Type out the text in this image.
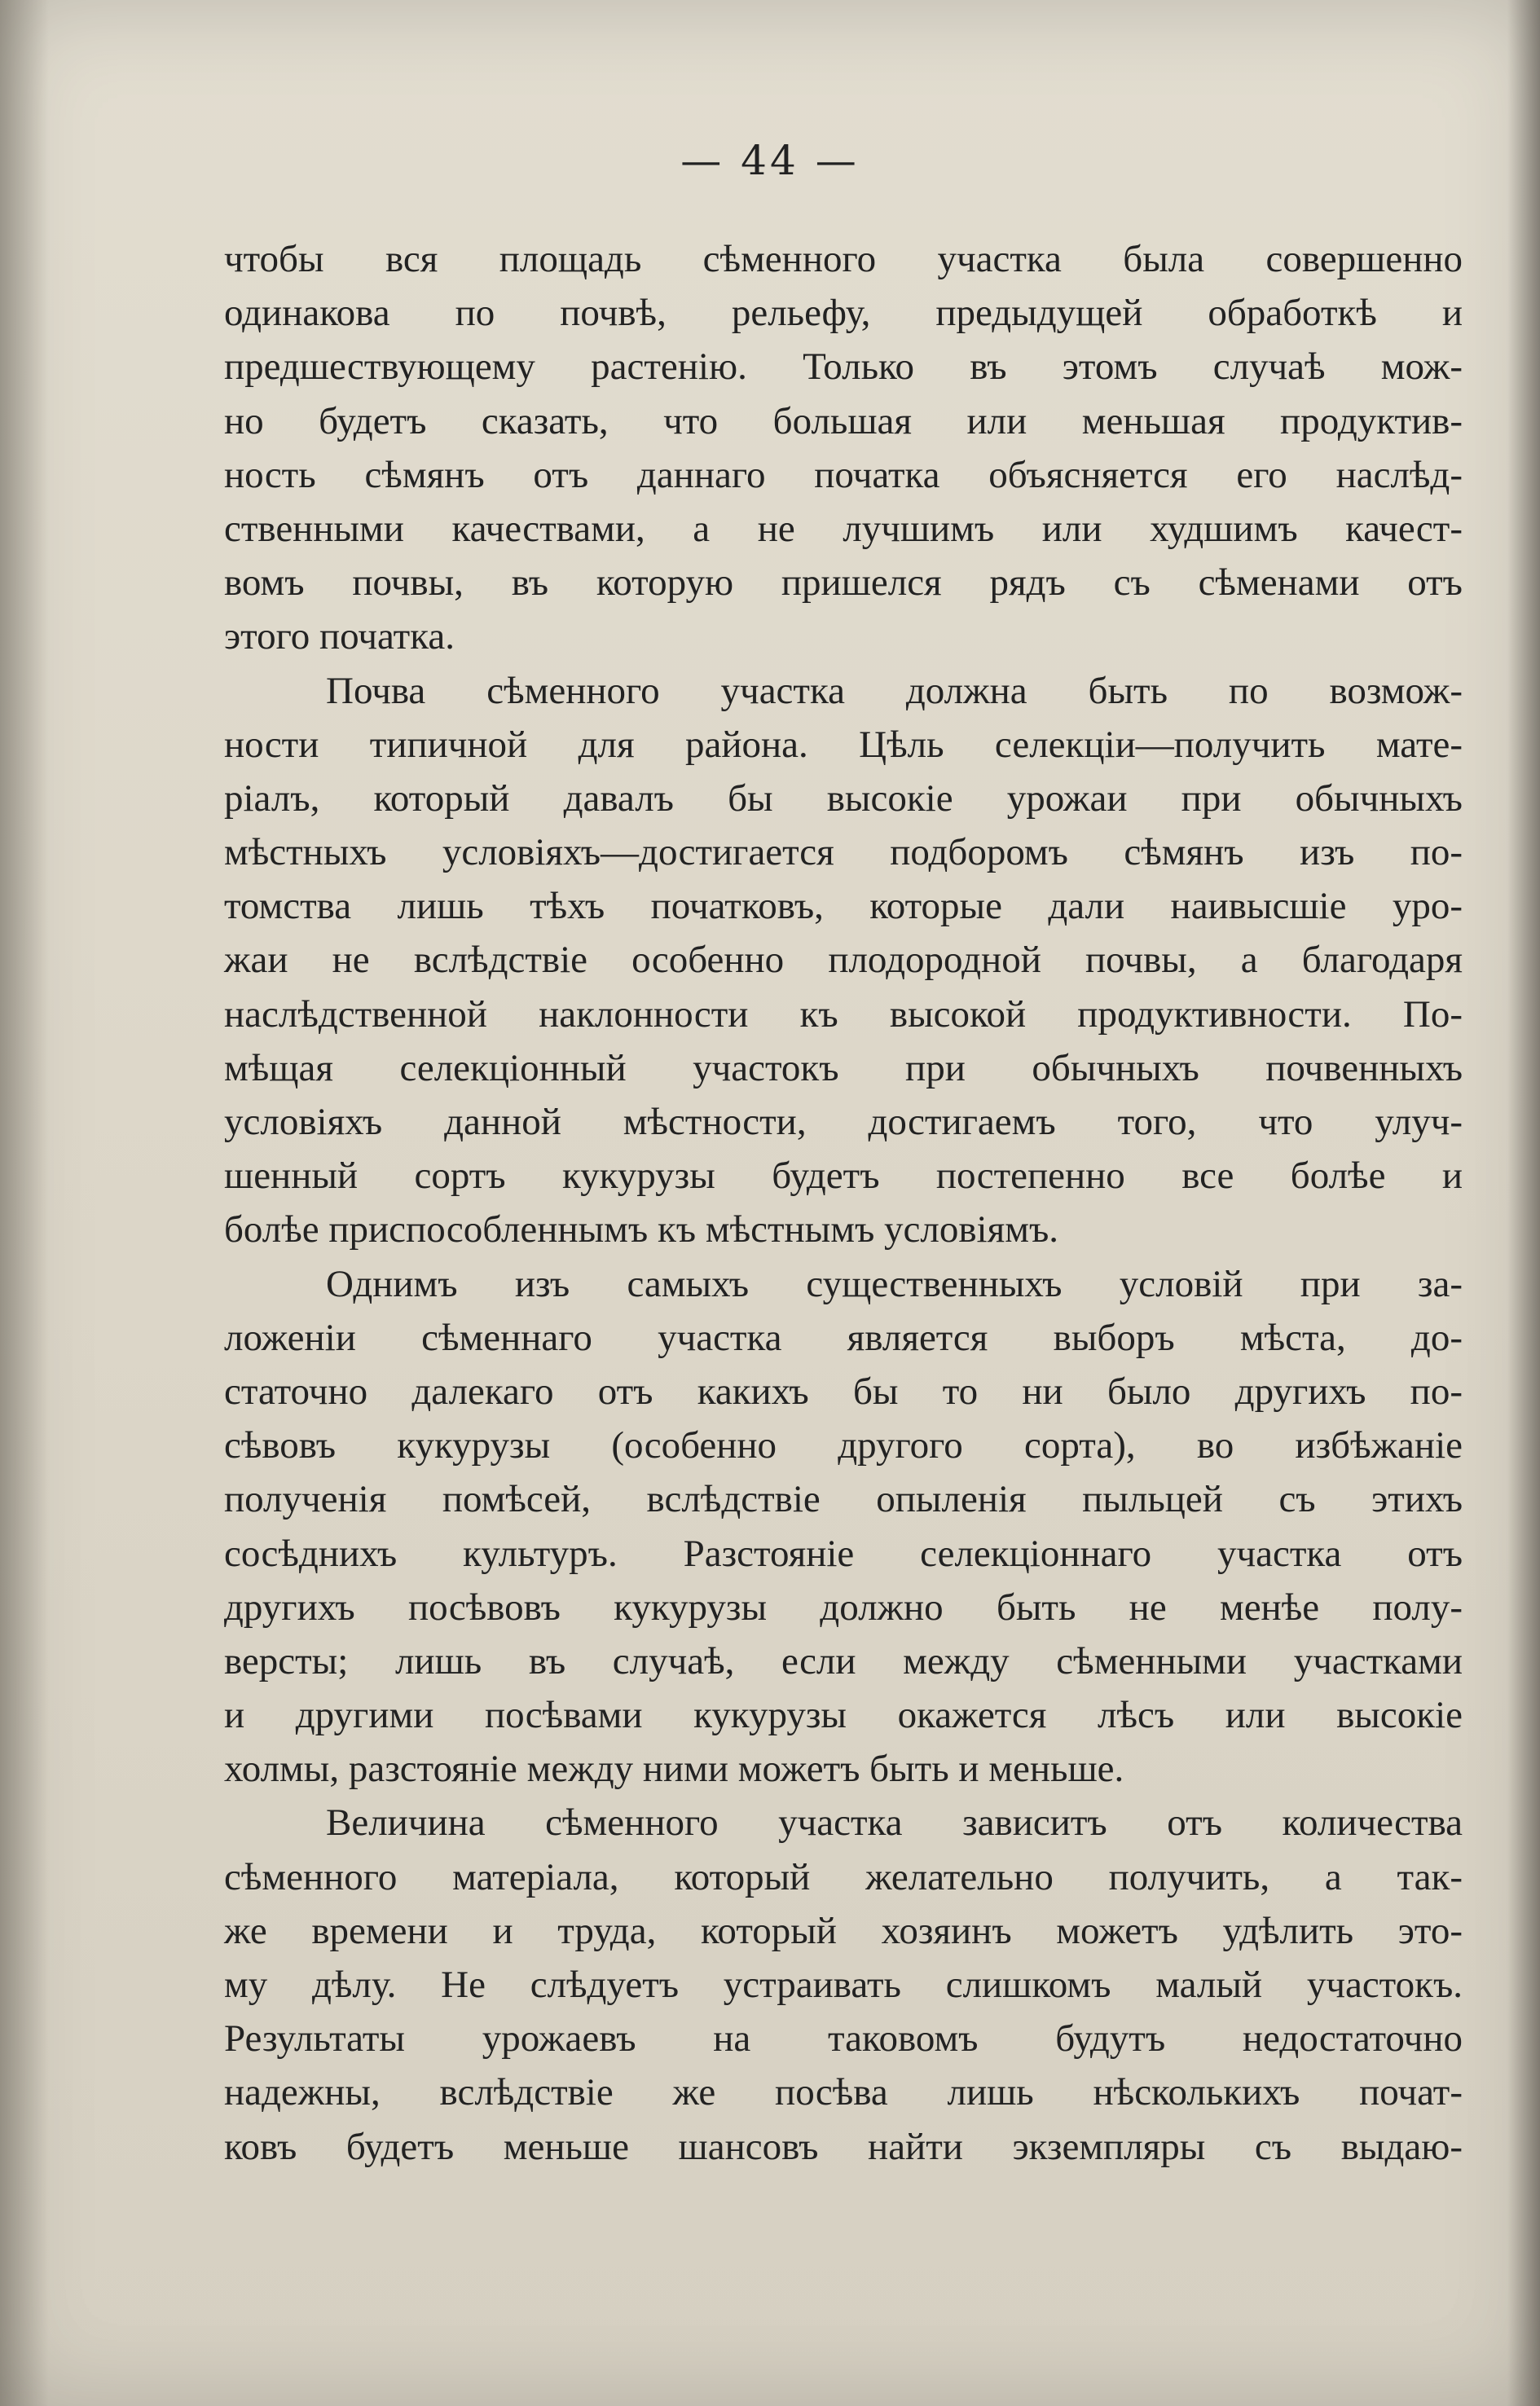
— 44 —
чтобы вся площадь сѣменного участка была совершенно
одинакова по почвѣ, рельефу, предыдущей обработкѣ и
предшествующему растенію. Только въ этомъ случаѣ мож-
но будетъ сказать, что большая или меньшая продуктив-
ность сѣмянъ отъ даннаго початка объясняется его наслѣд-
ственными качествами, а не лучшимъ или худшимъ качест-
вомъ почвы, въ которую пришелся рядъ съ сѣменами отъ
этого початка.
Почва сѣменного участка должна быть по возмож-
ности типичной для района. Цѣль селекціи—получить мате-
ріалъ, который давалъ бы высокіе урожаи при обычныхъ
мѣстныхъ условіяхъ—достигается подборомъ сѣмянъ изъ по-
томства лишь тѣхъ початковъ, которые дали наивысшіе уро-
жаи не вслѣдствіе особенно плодородной почвы, а благодаря
наслѣдственной наклонности къ высокой продуктивности. По-
мѣщая селекціонный участокъ при обычныхъ почвенныхъ
условіяхъ данной мѣстности, достигаемъ того, что улуч-
шенный сортъ кукурузы будетъ постепенно все болѣе и
болѣе приспособленнымъ къ мѣстнымъ условіямъ.
Однимъ изъ самыхъ существенныхъ условій при за-
ложеніи сѣменнаго участка является выборъ мѣста, до-
статочно далекаго отъ какихъ бы то ни было другихъ по-
сѣвовъ кукурузы (особенно другого сорта), во избѣжаніе
полученія помѣсей, вслѣдствіе опыленія пыльцей съ этихъ
сосѣднихъ культуръ. Разстояніе селекціоннаго участка отъ
другихъ посѣвовъ кукурузы должно быть не менѣе полу-
версты; лишь въ случаѣ, если между сѣменными участками
и другими посѣвами кукурузы окажется лѣсъ или высокіе
холмы, разстояніе между ними можетъ быть и меньше.
Величина сѣменного участка зависитъ отъ количества
сѣменного матеріала, который желательно получить, а так-
же времени и труда, который хозяинъ можетъ удѣлить это-
му дѣлу. Не слѣдуетъ устраивать слишкомъ малый участокъ.
Результаты урожаевъ на таковомъ будутъ недостаточно
надежны, вслѣдствіе же посѣва лишь нѣсколькихъ почат-
ковъ будетъ меньше шансовъ найти экземпляры съ выдаю-
